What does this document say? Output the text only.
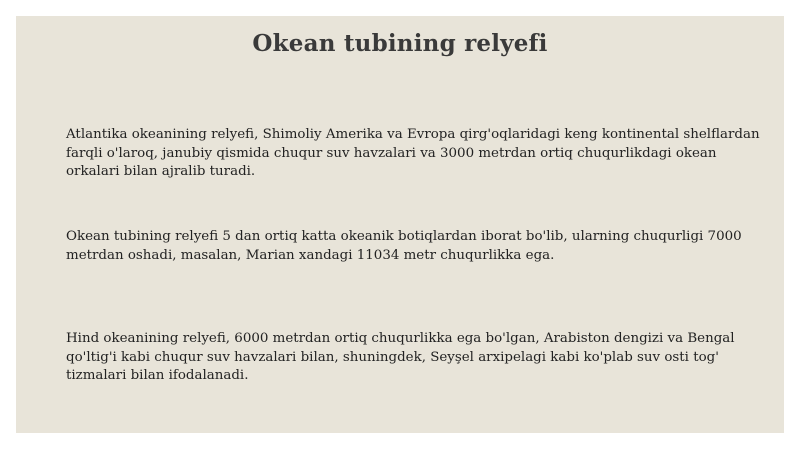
Okean tubining relyefi

Atlantika okeanining relyefi, Shimoliy Amerika va Evropa qirg'oqlaridagi keng kontinental shelflardan farqli o'laroq, janubiy qismida chuqur suv havzalari va 3000 metrdan ortiq chuqurlikdagi okean orkalari bilan ajralib turadi.

Okean tubining relyefi 5 dan ortiq katta okeanik botiqlardan iborat bo'lib, ularning chuqurligi 7000 metrdan oshadi, masalan, Marian xandagi 11034 metr chuqurlikka ega.

Hind okeanining relyefi, 6000 metrdan ortiq chuqurlikka ega bo'lgan, Arabiston dengizi va Bengal qo'ltig'i kabi chuqur suv havzalari bilan, shuningdek, Seyşel arxipelagi kabi ko'plab suv osti tog' tizmalari bilan ifodalanadi.
